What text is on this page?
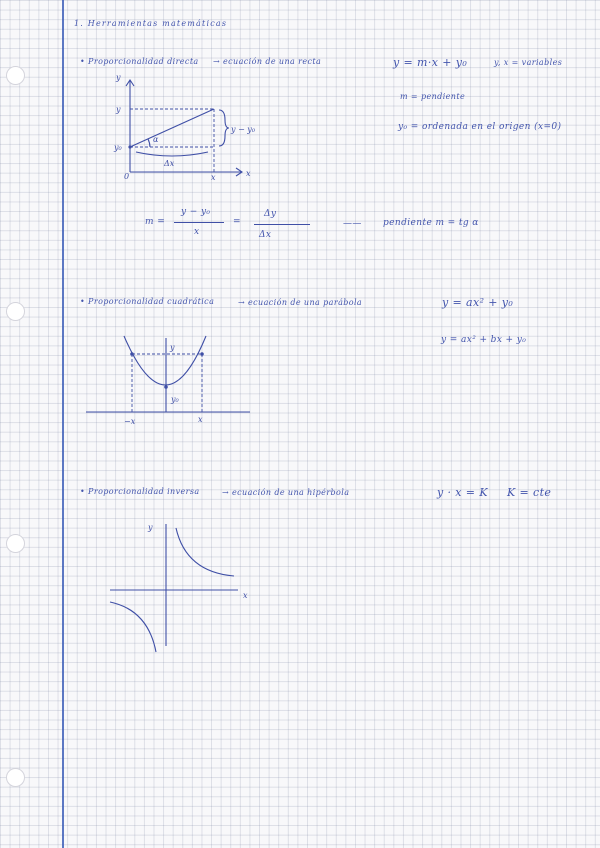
1. Herramientas matemáticas
• Proporcionalidad directa → ecuación de una recta	y = m·x + y₀	y, x = variables
m = pendiente
y₀ = ordenada en el origen (x=0)
y
x
0
y
y₀
x
α
Δx
y − y₀
m =
y − y₀
x
=
Δy
Δx
—— pendiente m = tg α
• Proporcionalidad cuadrática	→ ecuación de una parábola	y = ax² + y₀
y = ax² + bx + y₀
y
y₀
−x	x
• Proporcionalidad inversa	→ ecuación de una hipérbola	y · x = K K = cte
y
x
